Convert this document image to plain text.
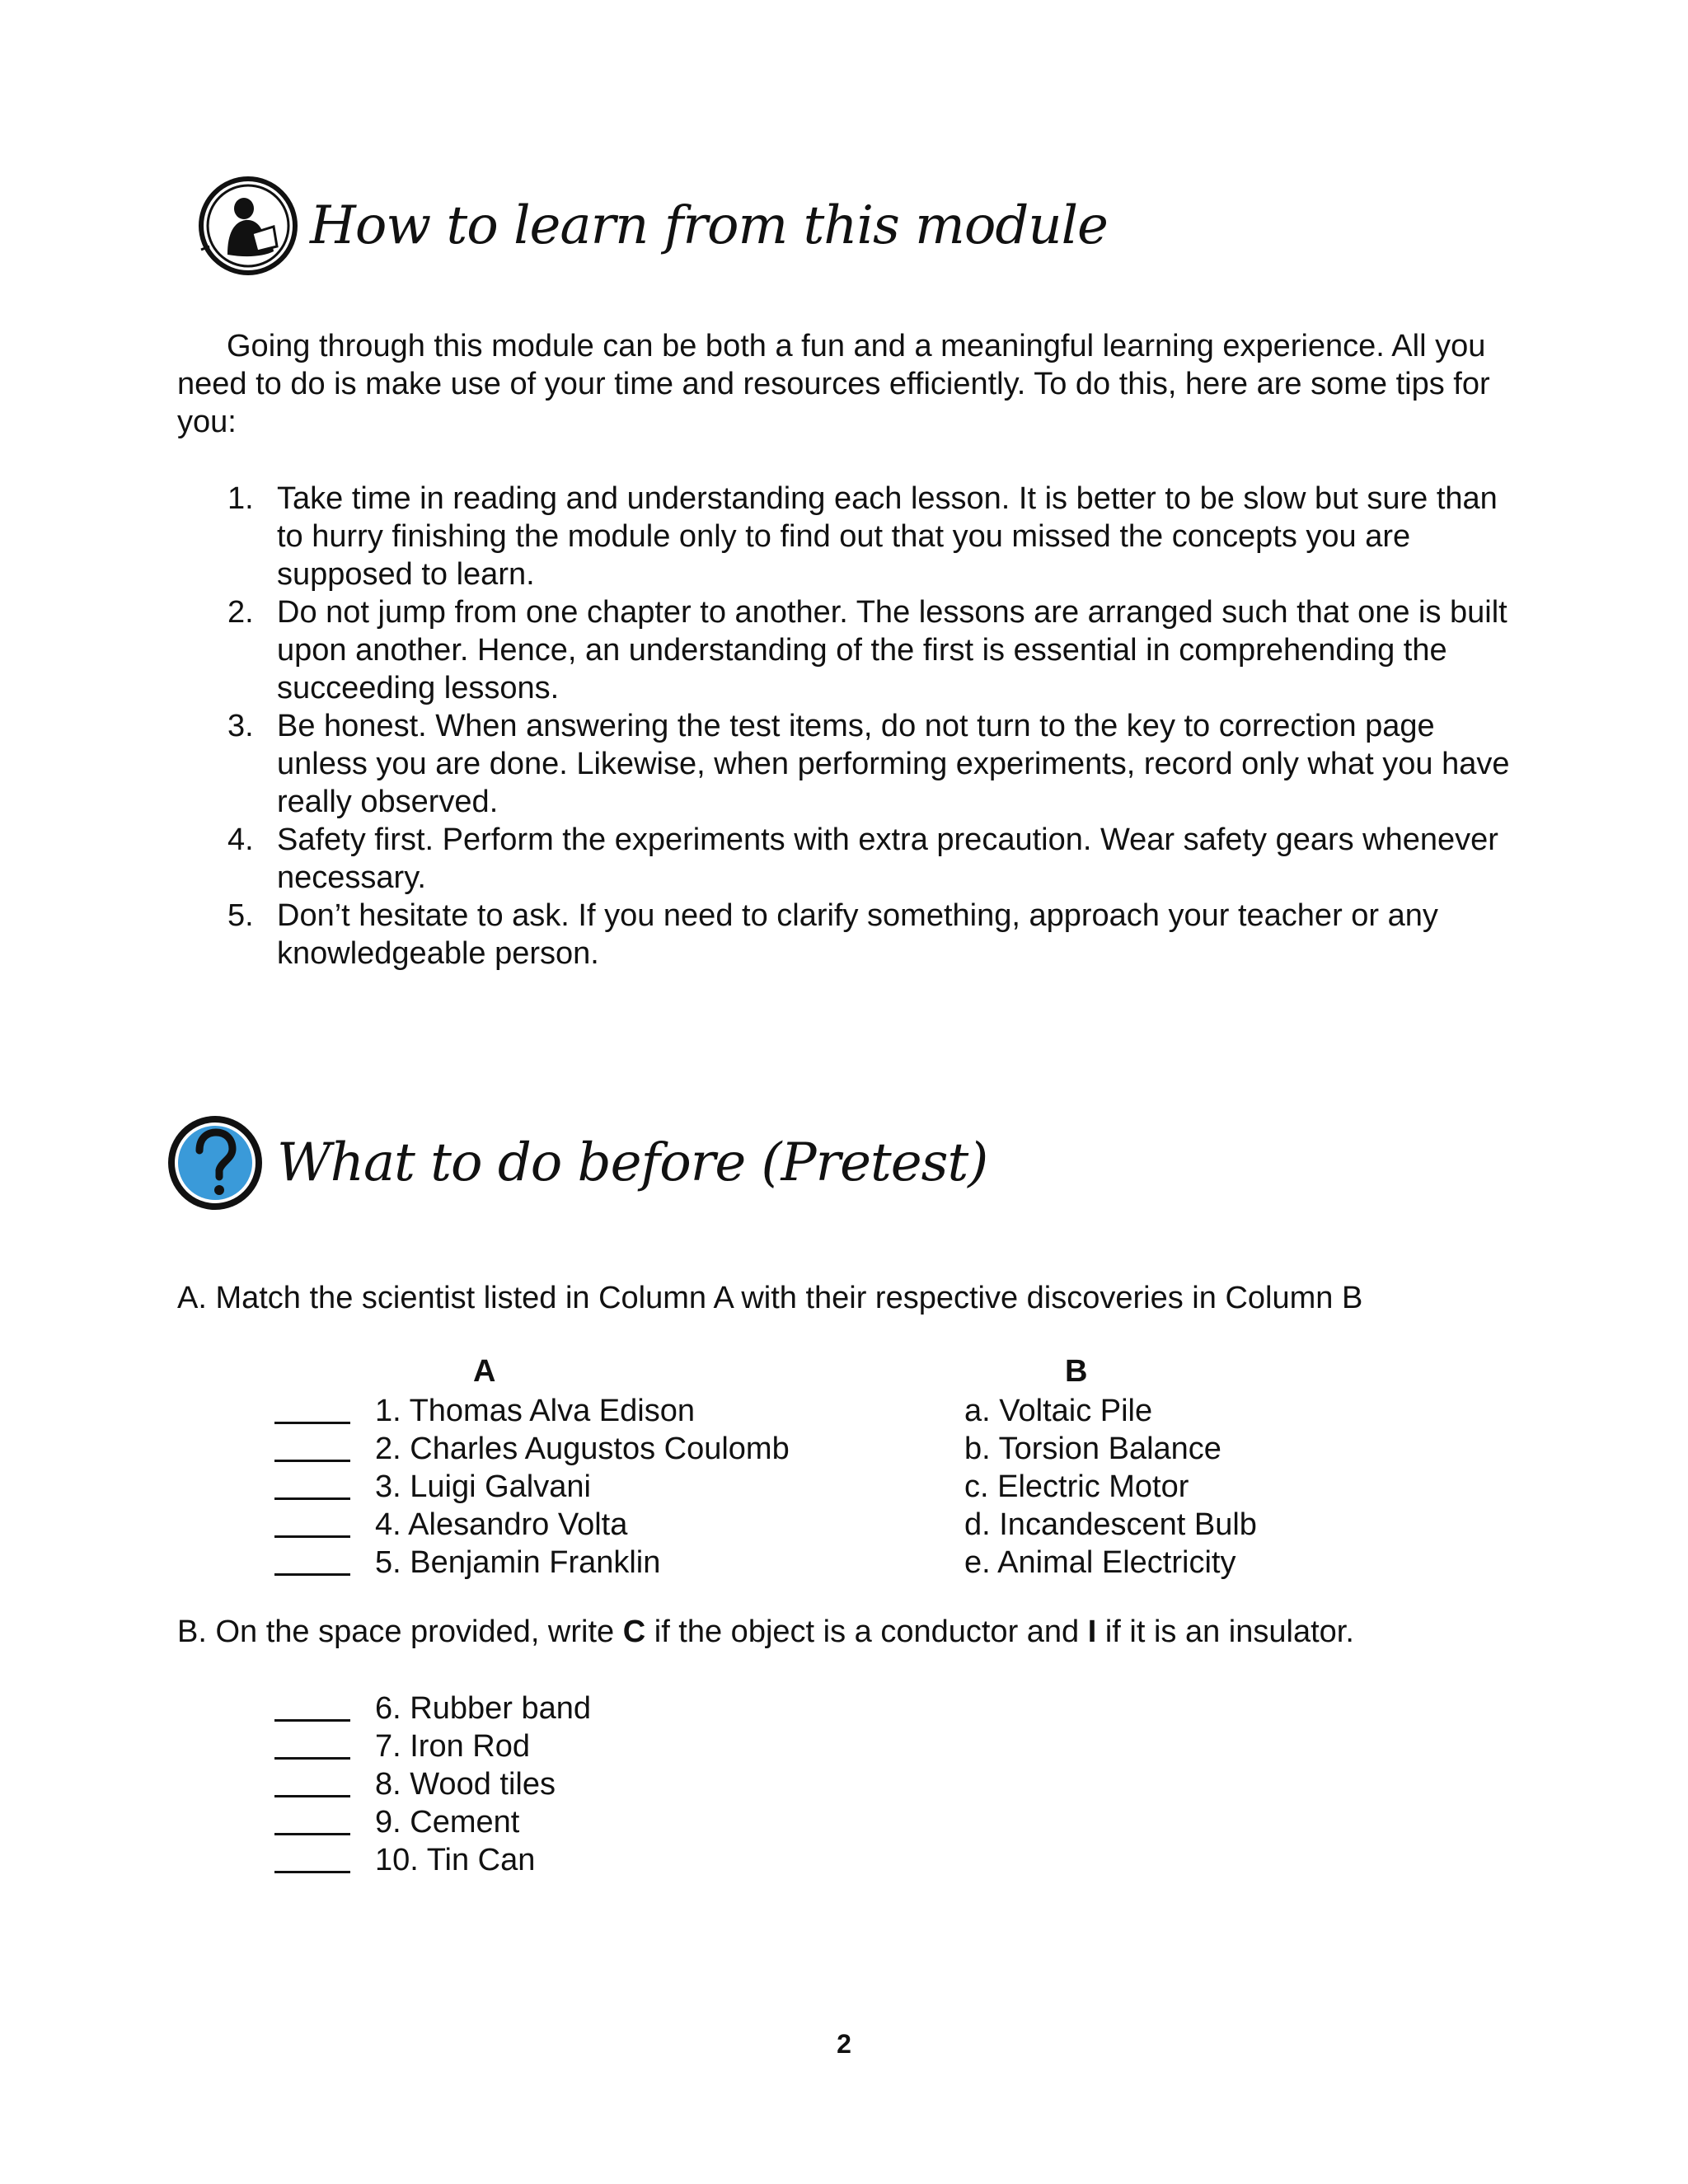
How to learn from this module

Going through this module can be both a fun and a meaningful learning experience. All you need to do is make use of your time and resources efficiently. To do this, here are some tips for you:

1. Take time in reading and understanding each lesson. It is better to be slow but sure than to hurry finishing the module only to find out that you missed the concepts you are supposed to learn.
2. Do not jump from one chapter to another. The lessons are arranged such that one is built upon another. Hence, an understanding of the first is essential in comprehending the succeeding lessons.
3. Be honest. When answering the test items, do not turn to the key to correction page unless you are done. Likewise, when performing experiments, record only what you have really observed.
4. Safety first. Perform the experiments with extra precaution. Wear safety gears whenever necessary.
5. Don’t hesitate to ask. If you need to clarify something, approach your teacher or any knowledgeable person.
What to do before (Pretest)

A. Match the scientist listed in Column A with their respective discoveries in Column B

A	B
1. Thomas Alva Edison
2. Charles Augustos Coulomb
3. Luigi Galvani
4. Alesandro Volta
5. Benjamin Franklin
a. Voltaic Pile
b. Torsion Balance
c. Electric Motor
d. Incandescent Bulb
e. Animal Electricity

B. On the space provided, write C if the object is a conductor and I if it is an insulator.

6. Rubber band
7. Iron Rod
8. Wood tiles
9. Cement
10. Tin Can
2
